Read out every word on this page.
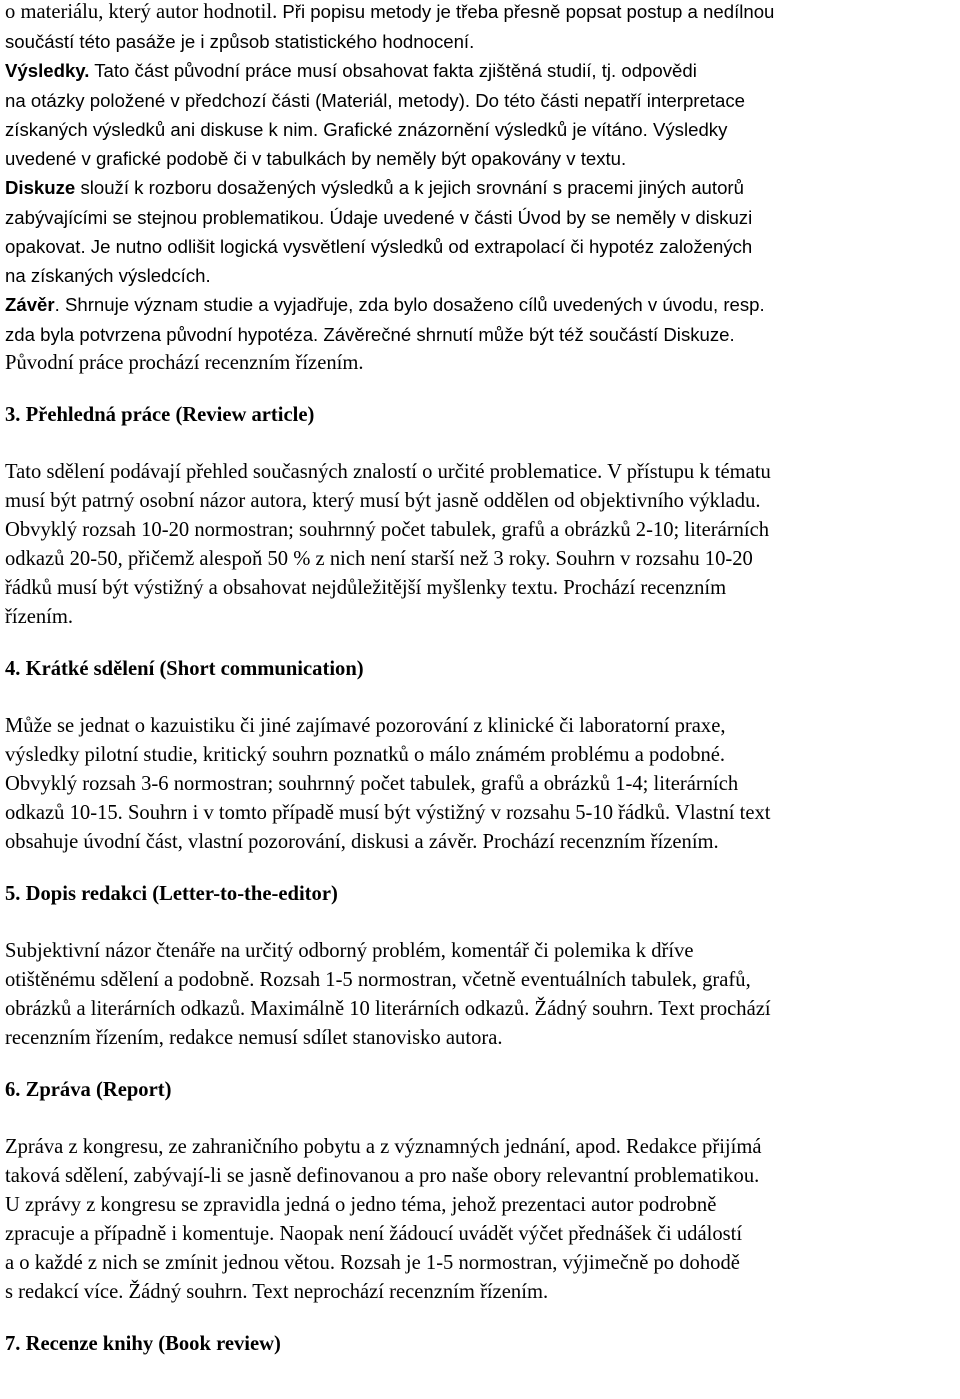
o materiálu, který autor hodnotil. Při popisu metody je třeba přesně popsat postup a nedílnou

součástí této pasáže je i způsob statistického hodnocení.

Výsledky. Tato část původní práce musí obsahovat fakta zjištěná studií, tj. odpovědi

na otázky položené v předchozí části (Materiál, metody). Do této části nepatří interpretace

získaných výsledků ani diskuse k nim. Grafické znázornění výsledků je vítáno. Výsledky

uvedené v grafické podobě či v tabulkách by neměly být opakovány v textu.

Diskuze slouží k rozboru dosažených výsledků a k jejich srovnání s pracemi jiných autorů

zabývajícími se stejnou problematikou. Údaje uvedené v části Úvod by se neměly v diskuzi

opakovat. Je nutno odlišit logická vysvětlení výsledků od extrapolací či hypotéz založených

na získaných výsledcích.

Závěr. Shrnuje význam studie a vyjadřuje, zda bylo dosaženo cílů uvedených v úvodu, resp.

zda byla potvrzena původní hypotéza. Závěrečné shrnutí může být též součástí Diskuze.

Původní práce prochází recenzním řízením.

3. Přehledná práce (Review article)

Tato sdělení podávají přehled současných znalostí o určité problematice. V přístupu k tématu

musí být patrný osobní názor autora, který musí být jasně oddělen od objektivního výkladu.

Obvyklý rozsah 10-20 normostran; souhrnný počet tabulek, grafů a obrázků 2-10; literárních

odkazů 20-50, přičemž alespoň 50 % z nich není starší než 3 roky. Souhrn v rozsahu 10-20

řádků musí být výstižný a obsahovat nejdůležitější myšlenky textu. Prochází recenzním

řízením.

4. Krátké sdělení (Short communication)

Může se jednat o kazuistiku či jiné zajímavé pozorování z klinické či laboratorní praxe,

výsledky pilotní studie, kritický souhrn poznatků o málo známém problému a podobné.

Obvyklý rozsah 3-6 normostran; souhrnný počet tabulek, grafů a obrázků 1-4; literárních

odkazů 10-15. Souhrn i v tomto případě musí být výstižný v rozsahu 5-10 řádků. Vlastní text

obsahuje úvodní část, vlastní pozorování, diskusi a závěr. Prochází recenzním řízením.

5. Dopis redakci (Letter-to-the-editor)

Subjektivní názor čtenáře na určitý odborný problém, komentář či polemika k dříve

otištěnému sdělení a podobně. Rozsah 1-5 normostran, včetně eventuálních tabulek, grafů,

obrázků a literárních odkazů. Maximálně 10 literárních odkazů. Žádný souhrn. Text prochází

recenzním řízením, redakce nemusí sdílet stanovisko autora.

6. Zpráva (Report)

Zpráva z kongresu, ze zahraničního pobytu a z významných jednání, apod. Redakce přijímá

taková sdělení, zabývají-li se jasně definovanou a pro naše obory relevantní problematikou.

U zprávy z kongresu se zpravidla jedná o jedno téma, jehož prezentaci autor podrobně

zpracuje a případně i komentuje. Naopak není žádoucí uvádět výčet přednášek či událostí

a o každé z nich se zmínit jednou větou. Rozsah je 1-5 normostran, výjimečně po dohodě

s redakcí více. Žádný souhrn. Text neprochází recenzním řízením.

7. Recenze knihy (Book review)
